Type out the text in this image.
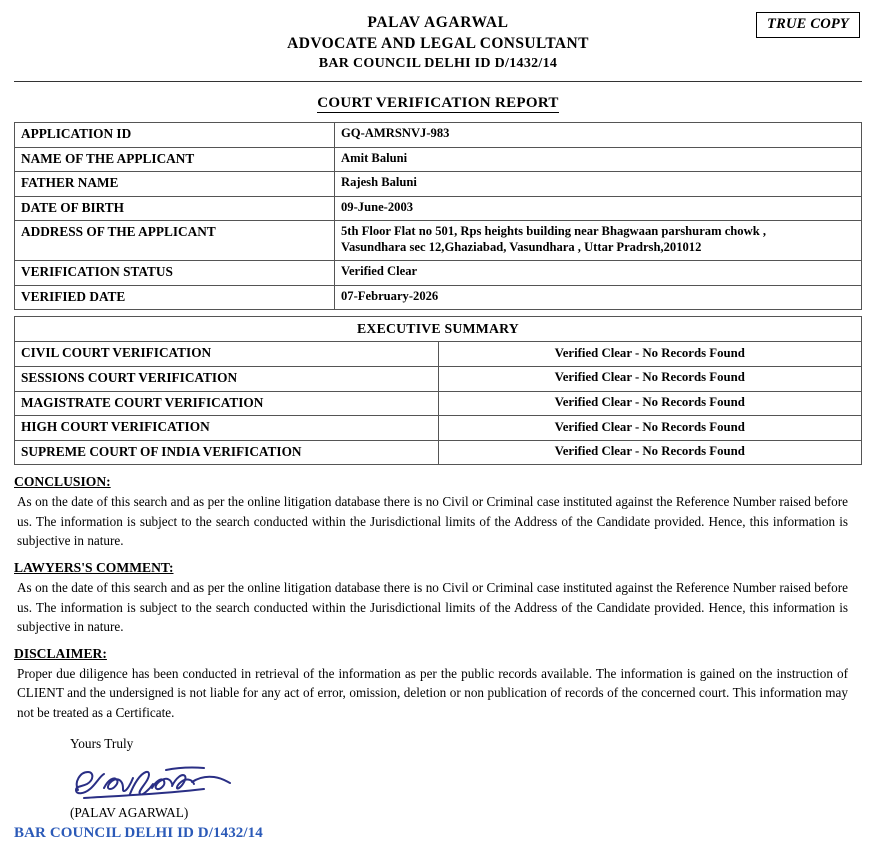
TRUE COPY
PALAV AGARWAL
ADVOCATE AND LEGAL CONSULTANT
BAR COUNCIL DELHI ID D/1432/14
COURT VERIFICATION REPORT
APPLICATION ID	GQ-AMRSNVJ-983
NAME OF THE APPLICANT	Amit Baluni
FATHER NAME	Rajesh Baluni
DATE OF BIRTH	09-June-2003
ADDRESS OF THE APPLICANT	5th Floor Flat no 501, Rps heights building near Bhagwaan parshuram chowk ,
Vasundhara sec 12,Ghaziabad, Vasundhara , Uttar Pradrsh,201012

VERIFICATION STATUS	Verified Clear
VERIFIED DATE	07-February-2026
EXECUTIVE SUMMARY	
CIVIL COURT VERIFICATION	Verified Clear - No Records Found
SESSIONS COURT VERIFICATION	Verified Clear - No Records Found
MAGISTRATE COURT VERIFICATION	Verified Clear - No Records Found
HIGH COURT VERIFICATION	Verified Clear - No Records Found
SUPREME COURT OF INDIA VERIFICATION	Verified Clear - No Records Found
CONCLUSION:
As on the date of this search and as per the online litigation database there is no Civil or Criminal case instituted against the Reference Number raised before us. The information is subject to the search conducted within the Jurisdictional limits of the Address of the Candidate provided. Hence, this information is subjective in nature.
LAWYERS'S COMMENT:
As on the date of this search and as per the online litigation database there is no Civil or Criminal case instituted against the Reference Number raised before us. The information is subject to the search conducted within the Jurisdictional limits of the Address of the Candidate provided. Hence, this information is subjective in nature.
DISCLAIMER:
Proper due diligence has been conducted in retrieval of the information as per the public records available. The information is gained on the instruction of CLIENT and the undersigned is not liable for any act of error, omission, deletion or non publication of records of the concerned court. This information may not be treated as a Certificate.
Yours Truly
(PALAV AGARWAL)
BAR COUNCIL DELHI ID D/1432/14
